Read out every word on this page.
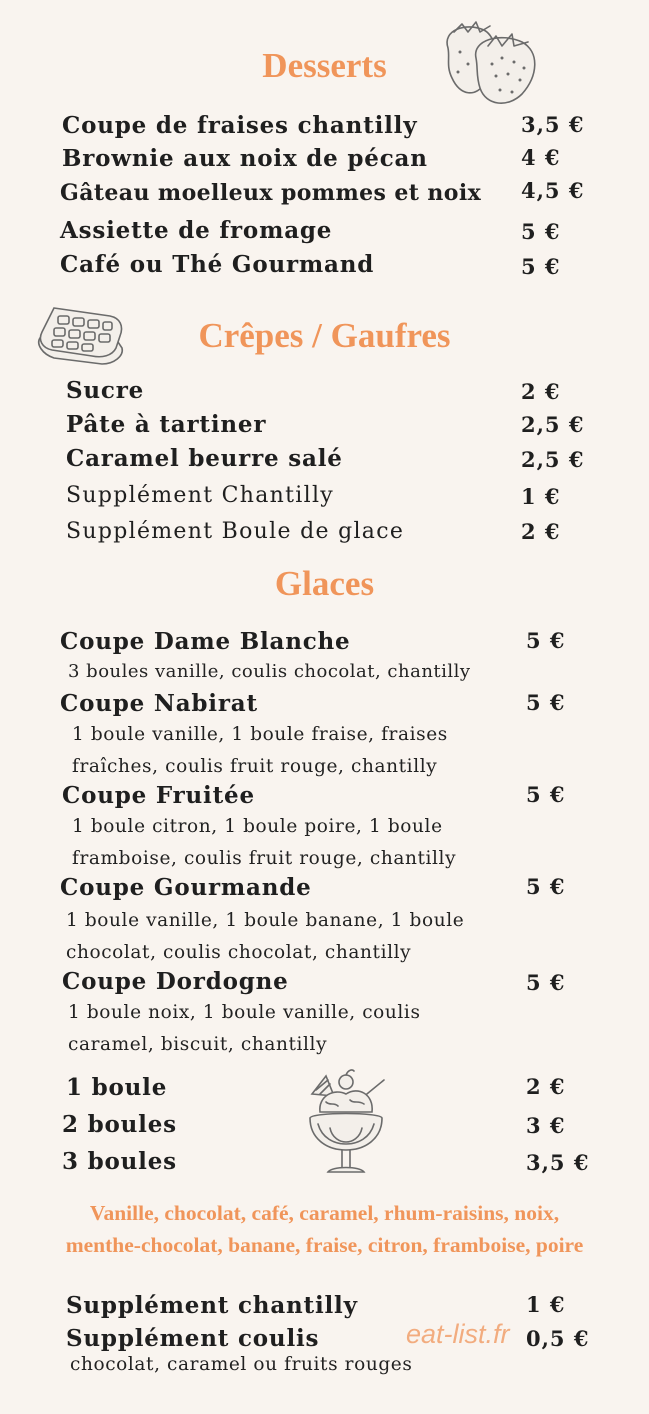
Desserts
Coupe de fraises chantilly	3,5 €
Brownie aux noix de pécan	4 €
Gâteau moelleux pommes et noix 4,5 €
Assiette de fromage	5 €
Café ou Thé Gourmand	5 €
Crêpes / Gaufres
Sucre	2 €
Pâte à tartiner	2,5 €
Caramel beurre salé	2,5 €
Supplément Chantilly	1 €
Supplément Boule de glace	2 €
Glaces
Coupe Dame Blanche	5 €
3 boules vanille, coulis chocolat, chantilly
Coupe Nabirat	5 €
1 boule vanille, 1 boule fraise, fraises
fraîches, coulis fruit rouge, chantilly
Coupe Fruitée	5 €
1 boule citron, 1 boule poire, 1 boule
framboise, coulis fruit rouge, chantilly
Coupe Gourmande	5 €
1 boule vanille, 1 boule banane, 1 boule
chocolat, coulis chocolat, chantilly
Coupe Dordogne	5 €
1 boule noix, 1 boule vanille, coulis
caramel, biscuit, chantilly
1 boule	2 €
2 boules	3 €
3 boules	3,5 €
Vanille, chocolat, café, caramel, rhum-raisins, noix,
menthe-chocolat, banane, fraise, citron, framboise, poire
Supplément chantilly	1 €
Supplément coulis	eat-list.fr 0,5 €
chocolat, caramel ou fruits rouges
